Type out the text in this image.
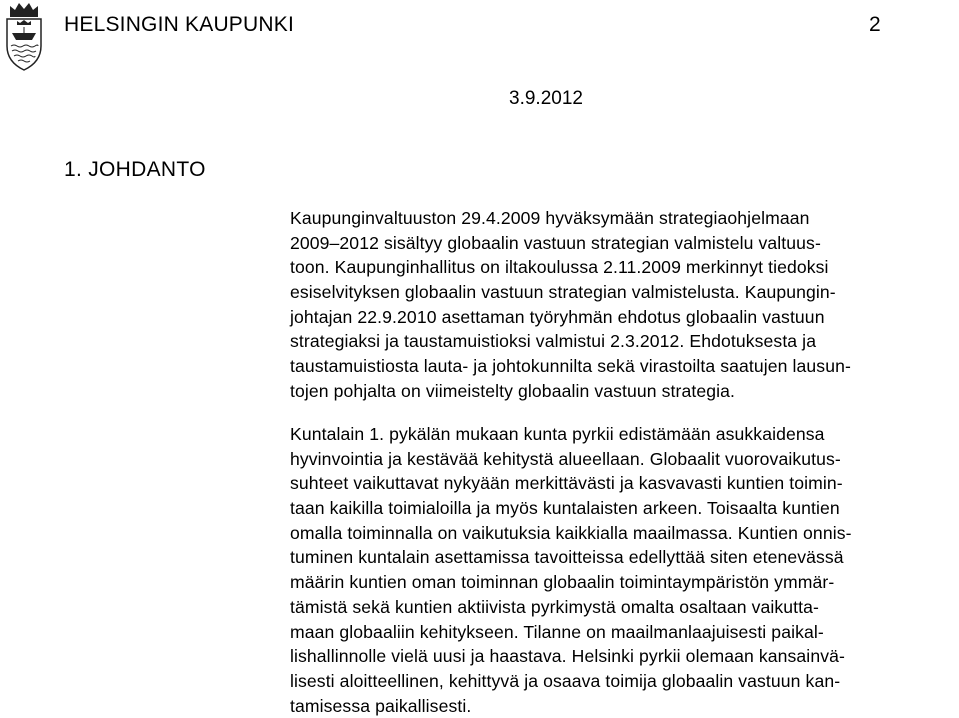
HELSINGIN KAUPUNKI	2
3.9.2012
1. JOHDANTO
Kaupunginvaltuuston 29.4.2009 hyväksymään strategiaohjelmaan
2009–2012 sisältyy globaalin vastuun strategian valmistelu valtuus-
toon. Kaupunginhallitus on iltakoulussa 2.11.2009 merkinnyt tiedoksi
esiselvityksen globaalin vastuun strategian valmistelusta. Kaupungin-
johtajan 22.9.2010 asettaman työryhmän ehdotus globaalin vastuun
strategiaksi ja taustamuistioksi valmistui 2.3.2012. Ehdotuksesta ja
taustamuistiosta lauta- ja johtokunnilta sekä virastoilta saatujen lausun-
tojen pohjalta on viimeistelty globaalin vastuun strategia.
Kuntalain 1. pykälän mukaan kunta pyrkii edistämään asukkaidensa
hyvinvointia ja kestävää kehitystä alueellaan. Globaalit vuorovaikutus-
suhteet vaikuttavat nykyään merkittävästi ja kasvavasti kuntien toimin-
taan kaikilla toimialoilla ja myös kuntalaisten arkeen. Toisaalta kuntien
omalla toiminnalla on vaikutuksia kaikkialla maailmassa. Kuntien onnis-
tuminen kuntalain asettamissa tavoitteissa edellyttää siten etenevässä
määrin kuntien oman toiminnan globaalin toimintaympäristön ymmär-
tämistä sekä kuntien aktiivista pyrkimystä omalta osaltaan vaikutta-
maan globaaliin kehitykseen. Tilanne on maailmanlaajuisesti paikal-
lishallinnolle vielä uusi ja haastava. Helsinki pyrkii olemaan kansainvä-
lisesti aloitteellinen, kehittyvä ja osaava toimija globaalin vastuun kan-
tamisessa paikallisesti.
